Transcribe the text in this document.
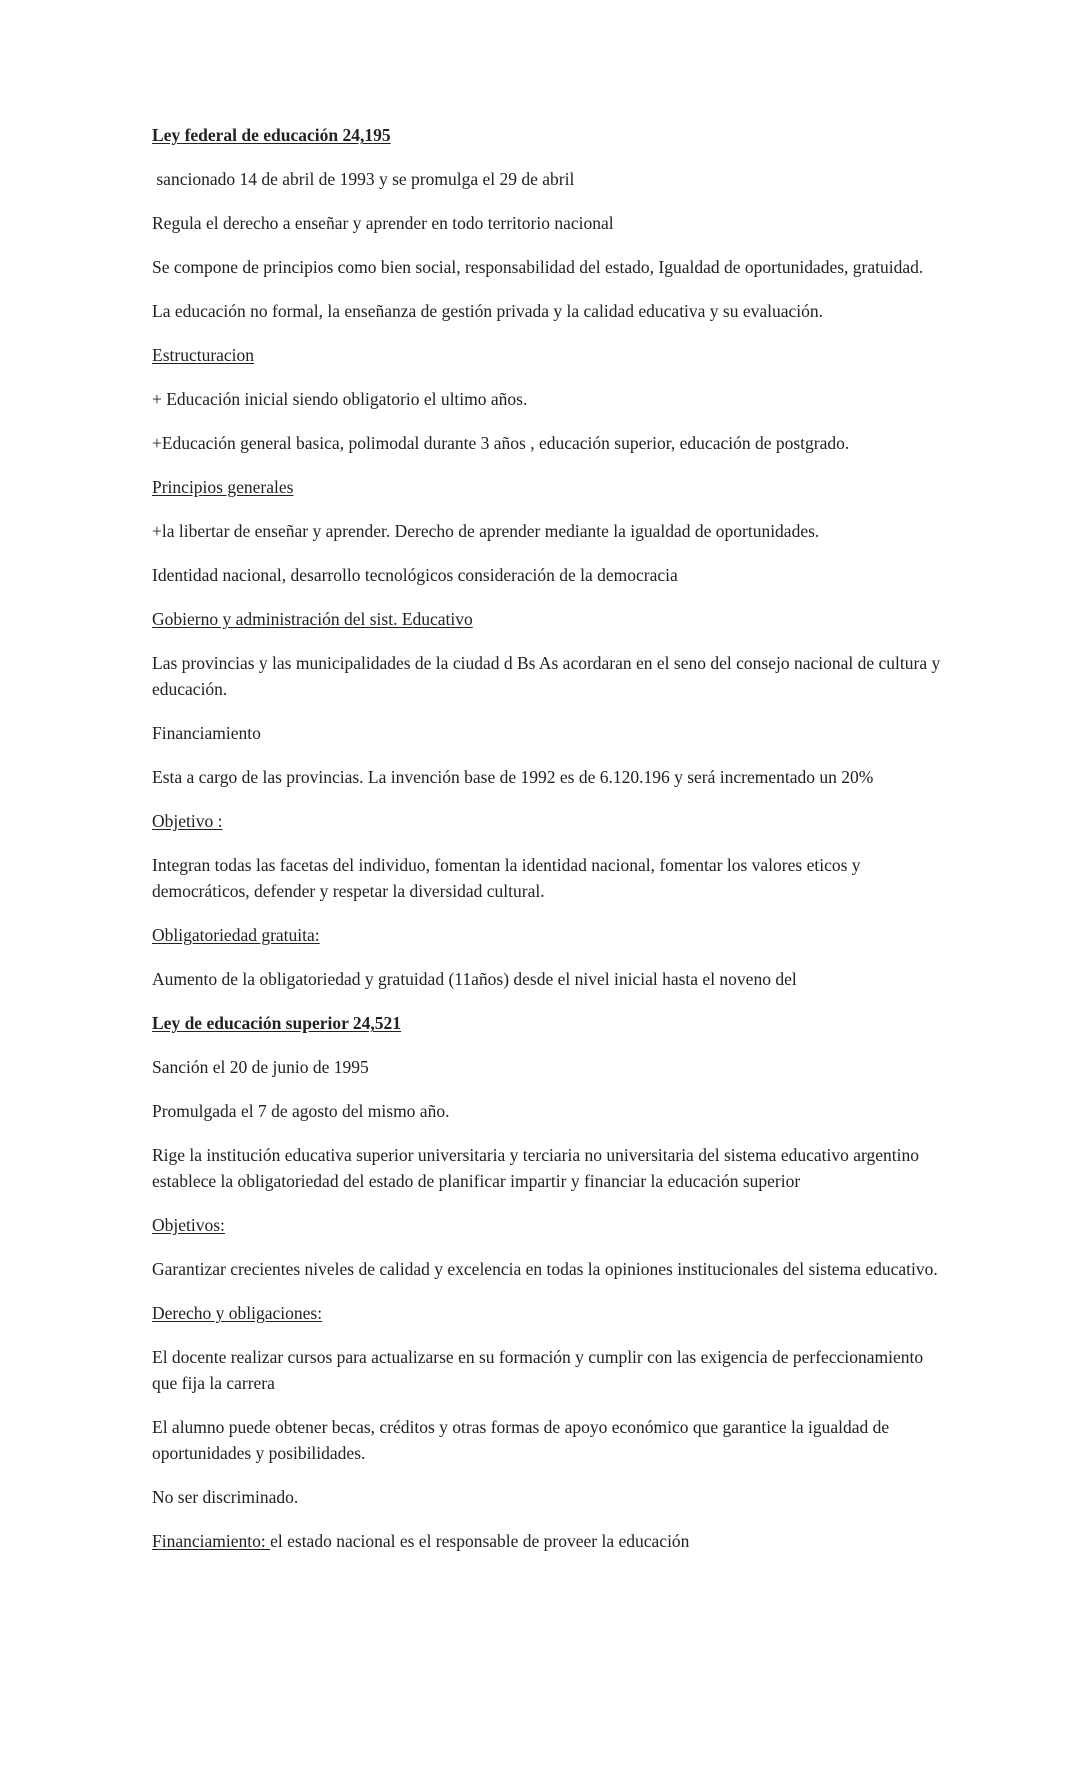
Ley federal de educación 24,195

sancionado 14 de abril de 1993 y se promulga el 29 de abril

Regula el derecho a enseñar y aprender en todo territorio nacional

Se compone de principios como bien social, responsabilidad del estado, Igualdad de oportunidades, gratuidad.

La educación no formal, la enseñanza de gestión privada y la calidad educativa y su evaluación.

Estructuracion

+ Educación inicial siendo obligatorio el ultimo años.

+Educación general basica, polimodal durante 3 años , educación superior, educación de postgrado.

Principios generales

+la libertar de enseñar y aprender. Derecho de aprender mediante la igualdad de oportunidades.

Identidad nacional, desarrollo tecnológicos consideración de la democracia

Gobierno y administración del sist. Educativo

Las provincias y las municipalidades de la ciudad d Bs As acordaran en el seno del consejo nacional de cultura y educación.

Financiamiento

Esta a cargo de las provincias. La invención base de 1992 es de 6.120.196 y será incrementado un 20%

Objetivo :

Integran todas las facetas del individuo, fomentan la identidad nacional, fomentar los valores eticos y democráticos, defender y respetar la diversidad cultural.

Obligatoriedad gratuita:

Aumento de la obligatoriedad y gratuidad (11años) desde el nivel inicial hasta el noveno del

Ley de educación superior 24,521

Sanción el 20 de junio de 1995

Promulgada el 7 de agosto del mismo año.

Rige la institución educativa superior universitaria y terciaria no universitaria del sistema educativo argentino establece la obligatoriedad del estado de planificar impartir y financiar la educación superior

Objetivos:

Garantizar crecientes niveles de calidad y excelencia en todas la opiniones institucionales del sistema educativo.

Derecho y obligaciones:

El docente realizar cursos para actualizarse en su formación y cumplir con las exigencia de perfeccionamiento que fija la carrera

El alumno puede obtener becas, créditos y otras formas de apoyo económico que garantice la igualdad de oportunidades y posibilidades.

No ser discriminado.

Financiamiento: el estado nacional es el responsable de proveer la educación
